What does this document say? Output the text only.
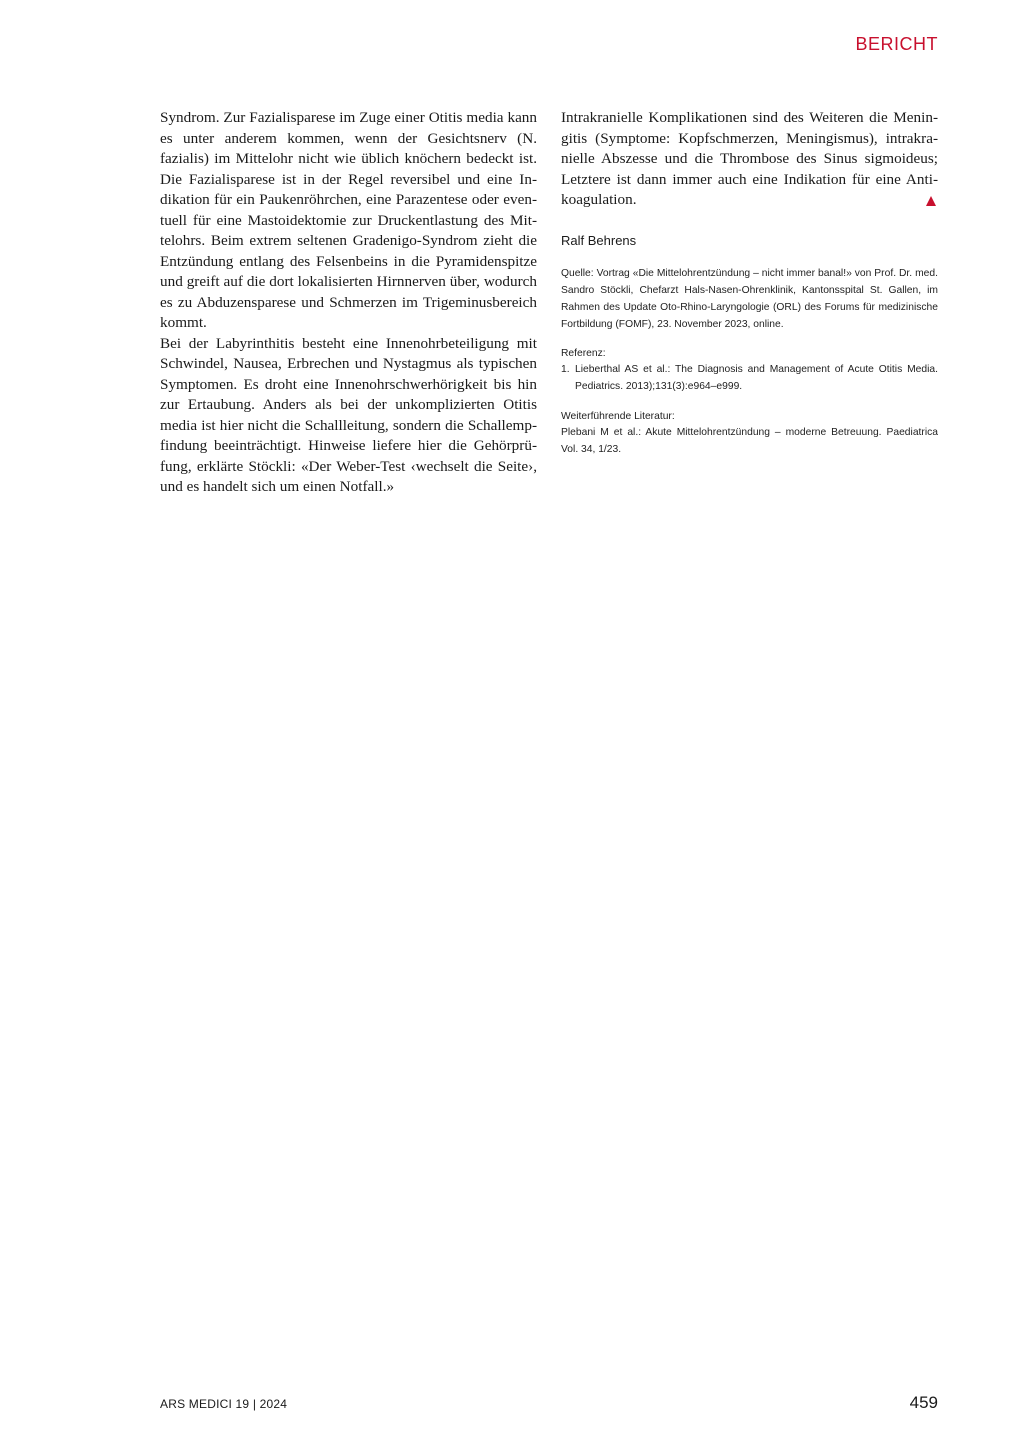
BERICHT

Syndrom. Zur Fazialisparese im Zuge einer Otitis media kann es unter anderem kommen, wenn der Gesichtsnerv (N. fazialis) im Mittelohr nicht wie üblich knöchern bedeckt ist. Die Fazialisparese ist in der Regel reversibel und eine Indikation für ein Paukenröhrchen, eine Parazentese oder eventuell für eine Mastoidektomie zur Druckentlastung des Mittelohrs. Beim extrem seltenen Gradenigo-Syndrom zieht die Entzündung entlang des Felsenbeins in die Pyramidenspitze und greift auf die dort lokalisierten Hirnnerven über, wodurch es zu Abduzensparese und Schmerzen im Trigeminusbereich kommt.

Bei der Labyrinthitis besteht eine Innenohrbeteiligung mit Schwindel, Nausea, Erbrechen und Nystagmus als typischen Symptomen. Es droht eine Innenohrschwerhörigkeit bis hin zur Ertaubung. Anders als bei der unkomplizierten Otitis media ist hier nicht die Schallleitung, sondern die Schallempfindung beeinträchtigt. Hinweise liefere hier die Gehörprüfung, erklärte Stöckli: «Der Weber-Test ‹wechselt die Seite›, und es handelt sich um einen Notfall.»

Intrakranielle Komplikationen sind des Weiteren die Meningitis (Symptome: Kopfschmerzen, Meningismus), intrakranielle Abszesse und die Thrombose des Sinus sigmoideus; Letztere ist dann immer auch eine Indikation für eine Antikoagulation.

Ralf Behrens
Quelle: Vortrag «Die Mittelohrentzündung – nicht immer banal!» von Prof. Dr. med. Sandro Stöckli, Chefarzt Hals-Nasen-Ohrenklinik, Kantonsspital St. Gallen, im Rahmen des Update Oto-Rhino-Laryngologie (ORL) des Forums für medizinische Fortbildung (FOMF), 23. November 2023, online.
Referenz:
1. Lieberthal AS et al.: The Diagnosis and Management of Acute Otitis Media. Pediatrics. 2013);131(3):e964–e999.
Weiterführende Literatur:
Plebani M et al.: Akute Mittelohrentzündung – moderne Betreuung. Paediatrica Vol. 34, 1/23.
ARS MEDICI 19 | 2024	459
